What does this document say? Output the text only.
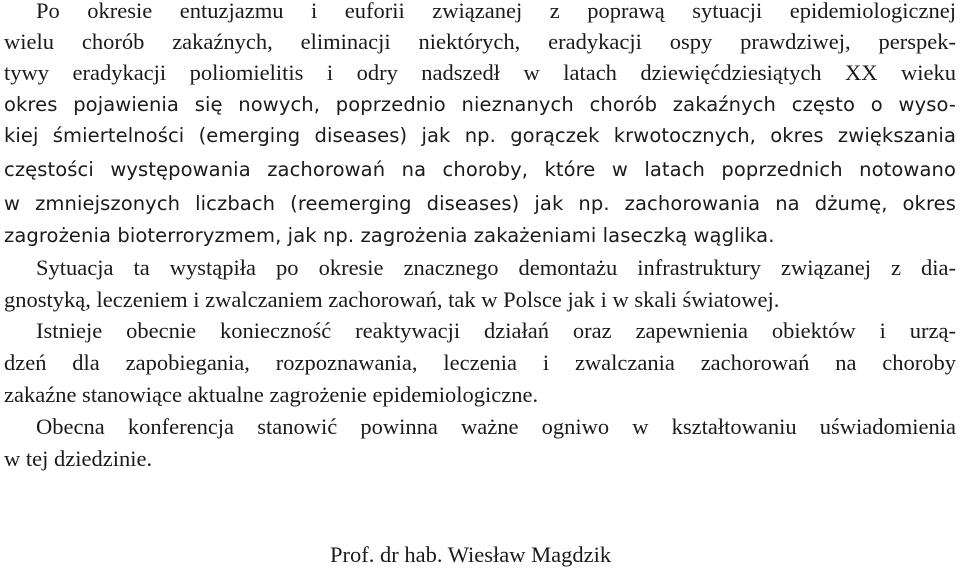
Po okresie entuzjazmu i euforii związanej z poprawą sytuacji epidemiologicznej
wielu chorób zakaźnych, eliminacji niektórych, eradykacji ospy prawdziwej, perspek-
tywy eradykacji poliomielitis i odry nadszedł w latach dziewięćdziesiątych XX wieku
okres pojawienia się nowych, poprzednio nieznanych chorób zakaźnych często o wyso-
kiej śmiertelności (emerging diseases) jak np. gorączek krwotocznych, okres zwiększania
częstości występowania zachorowań na choroby, które w latach poprzednich notowano
w zmniejszonych liczbach (reemerging diseases) jak np. zachorowania na dżumę, okres
zagrożenia bioterroryzmem, jak np. zagrożenia zakażeniami laseczką wąglika.
Sytuacja ta wystąpiła po okresie znacznego demontażu infrastruktury związanej z dia-
gnostyką, leczeniem i zwalczaniem zachorowań, tak w Polsce jak i w skali światowej.
Istnieje obecnie konieczność reaktywacji działań oraz zapewnienia obiektów i urzą-
dzeń dla zapobiegania, rozpoznawania, leczenia i zwalczania zachorowań na choroby
zakaźne stanowiące aktualne zagrożenie epidemiologiczne.
Obecna konferencja stanowić powinna ważne ogniwo w kształtowaniu uświadomienia
w tej dziedzinie.
Prof. dr hab. Wiesław Magdzik
